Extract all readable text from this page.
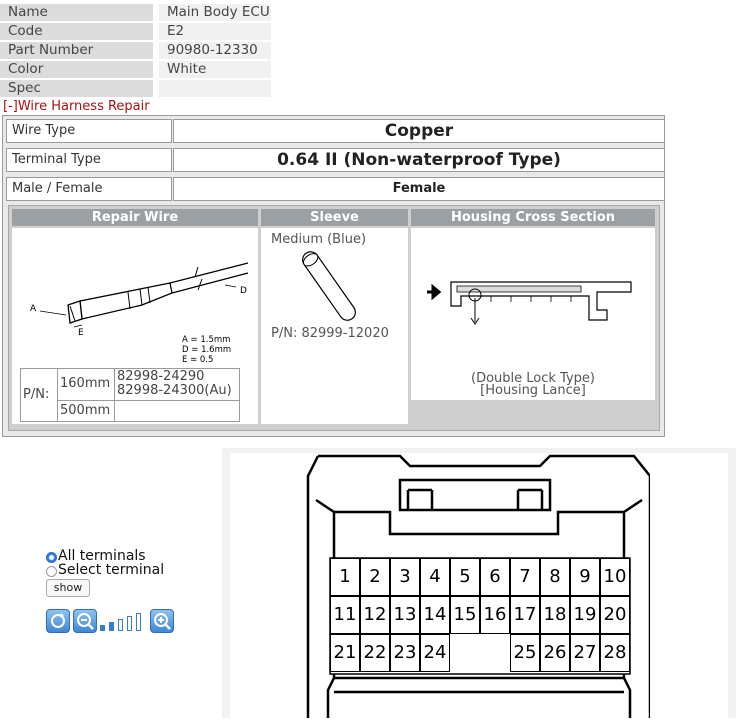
Name	Main Body ECU
Code	E2
Part Number	90980-12330
Color	White
Spec	
[-]Wire Harness Repair
Wire Type	Copper
Terminal Type	0.64 II (Non-waterproof Type)
Male / Female	Female
Repair Wire	Sleeve	Housing Cross Section
A
D
E
A = 1.5mm
D = 1.6mm
E = 0.5
P/N:	160mm	82998-24290
82998-24300(Au)

	500mm	
Medium (Blue)
P/N: 82999-12020
(Double Lock Type)
[Housing Lance]
All terminals
Select terminal
show
1	2	3	4	5	6	7	8	9 10
11 12 13 14 15 16 17 18 19 20
21 22 23 24	25 26 27 28
